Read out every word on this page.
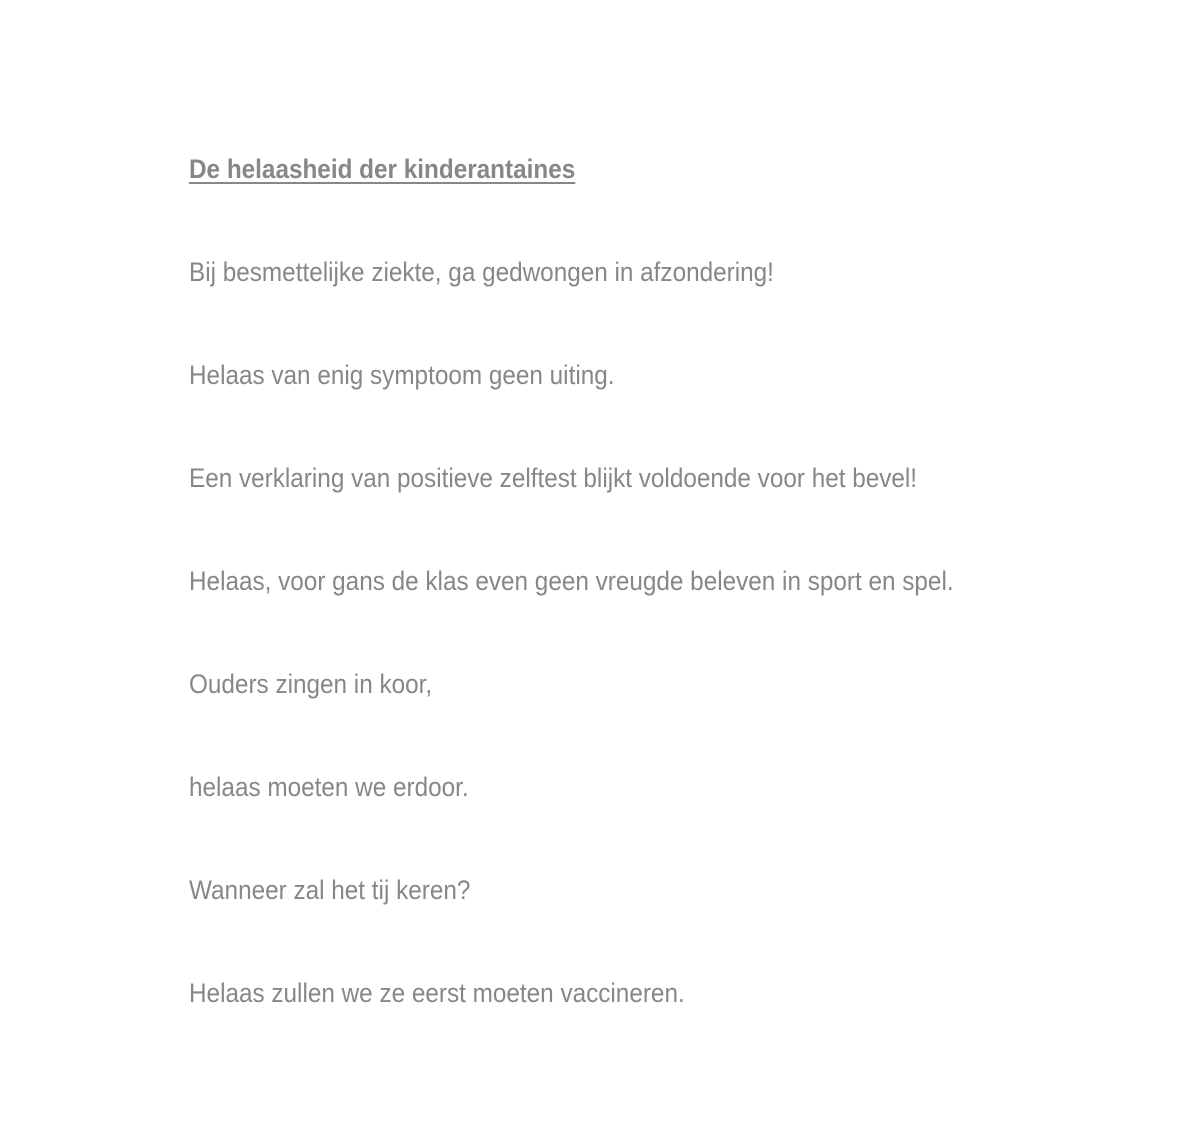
De helaasheid der kinderantaines
Bij besmettelijke ziekte, ga gedwongen in afzondering!
Helaas van enig symptoom geen uiting.
Een verklaring van positieve zelftest blijkt voldoende voor het bevel!
Helaas, voor gans de klas even geen vreugde beleven in sport en spel.
Ouders zingen in koor,
helaas moeten we erdoor.
Wanneer zal het tij keren?
Helaas zullen we ze eerst moeten vaccineren.
